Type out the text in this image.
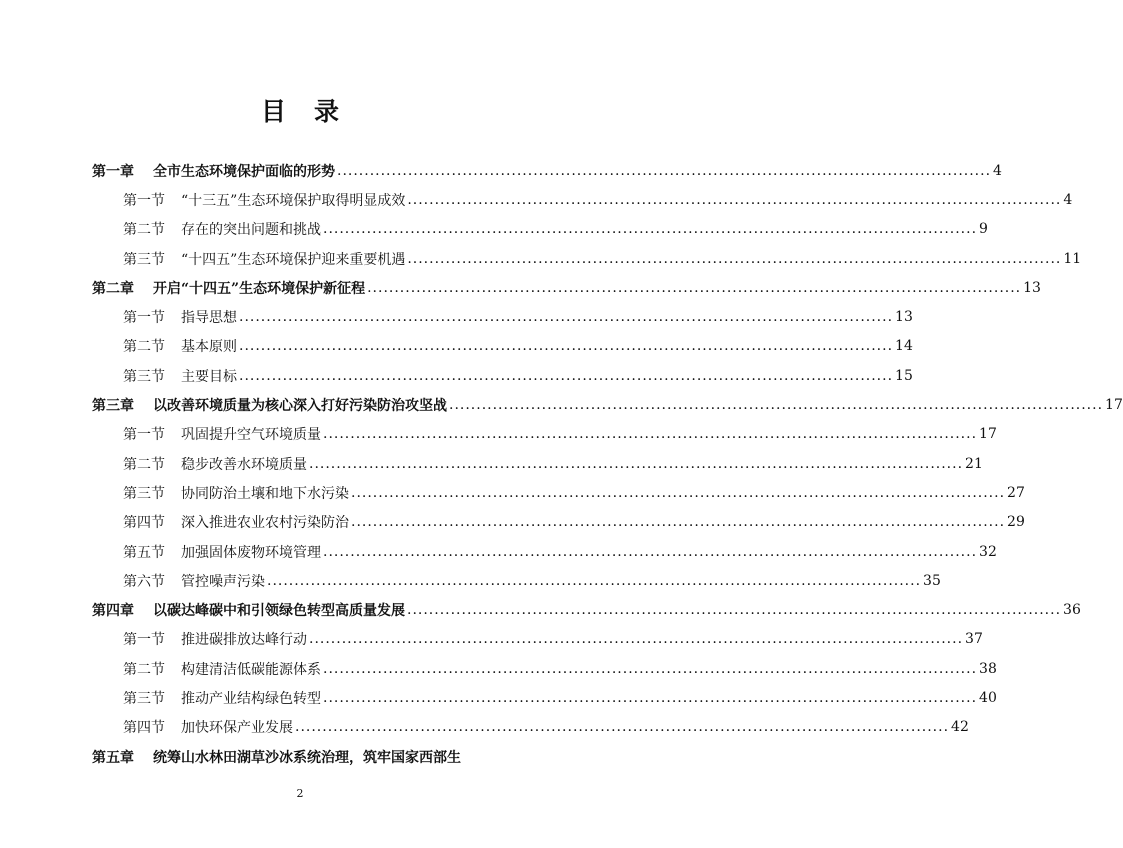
目录
第一章	全市生态环境保护面临的形势 ........................................................................................................................ 4
第一节	“十三五”生态环境保护取得明显成效 ........................................................................................................................ 4
第二节	存在的突出问题和挑战 ........................................................................................................................ 9
第三节	“十四五”生态环境保护迎来重要机遇 ........................................................................................................................ 11
第二章	开启“十四五”生态环境保护新征程 ........................................................................................................................ 13
第一节	指导思想 ........................................................................................................................ 13
第二节	基本原则 ........................................................................................................................ 14
第三节	主要目标 ........................................................................................................................ 15
第三章	以改善环境质量为核心深入打好污染防治攻坚战 ........................................................................................................................ 17
第一节	巩固提升空气环境质量 ........................................................................................................................ 17
第二节	稳步改善水环境质量 ........................................................................................................................ 21
第三节	协同防治土壤和地下水污染 ........................................................................................................................ 27
第四节	深入推进农业农村污染防治 ........................................................................................................................ 29
第五节	加强固体废物环境管理 ........................................................................................................................ 32
第六节	管控噪声污染 ........................................................................................................................ 35
第四章	以碳达峰碳中和引领绿色转型高质量发展 ........................................................................................................................ 36
第一节	推进碳排放达峰行动 ........................................................................................................................ 37
第二节	构建清洁低碳能源体系 ........................................................................................................................ 38
第三节	推动产业结构绿色转型 ........................................................................................................................ 40
第四节	加快环保产业发展 ........................................................................................................................ 42
第五章	统筹山水林田湖草沙冰系统治理，筑牢国家西部生
2
